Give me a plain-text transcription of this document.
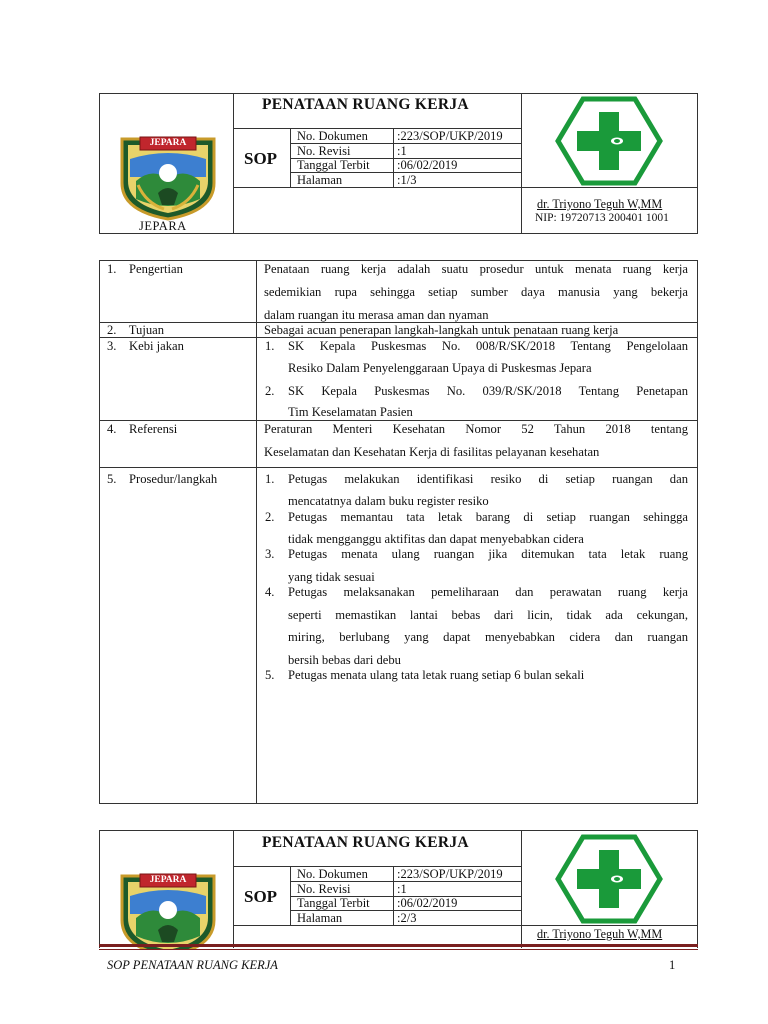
JEPARA
JEPARA
PENATAAN RUANG KERJA
SOP
No. Dokumen :223/SOP/UKP/2019
No. Revisi	:1
Tanggal Terbit :06/02/2019
Halaman	:1/3
dr. Triyono Teguh W,MM
NIP: 19720713 200401 1001
1.    Pengertian	Penataan ruang kerja adalah suatu prosedur untuk menata ruang kerja
sedemikian rupa sehingga setiap sumber daya manusia yang bekerja
dalam ruangan itu merasa aman dan nyaman
2.    Tujuan	Sebagai acuan penerapan langkah-langkah untuk penataan ruang kerja
3.    Kebi jakan	1. SK Kepala Puskesmas No. 008/R/SK/2018 Tentang Pengelolaan
Resiko Dalam Penyelenggaraan Upaya di Puskesmas Jepara
2. SK Kepala Puskesmas No. 039/R/SK/2018 Tentang Penetapan
Tim Keselamatan Pasien
4.    Referensi	Peraturan Menteri Kesehatan Nomor 52 Tahun 2018 tentang
Keselamatan dan Kesehatan Kerja di fasilitas pelayanan kesehatan
5.    Prosedur/langkah	1. Petugas melakukan identifikasi resiko di setiap ruangan dan
mencatatnya dalam buku register resiko
2. Petugas memantau tata letak barang di setiap ruangan sehingga
tidak mengganggu aktifitas dan dapat menyebabkan cidera
3. Petugas menata ulang ruangan jika ditemukan tata letak ruang
yang tidak sesuai
4. Petugas melaksanakan pemeliharaan dan perawatan ruang kerja
seperti memastikan lantai bebas dari licin, tidak ada cekungan,
miring, berlubang yang dapat menyebabkan cidera dan ruangan
bersih bebas dari debu
5. Petugas menata ulang tata letak ruang setiap 6 bulan sekali
JEPARA
PENATAAN RUANG KERJA
SOP
No. Dokumen :223/SOP/UKP/2019
No. Revisi	:1
Tanggal Terbit :06/02/2019
Halaman	:2/3
dr. Triyono Teguh W,MM
SOP PENATAAN RUANG KERJA	1
